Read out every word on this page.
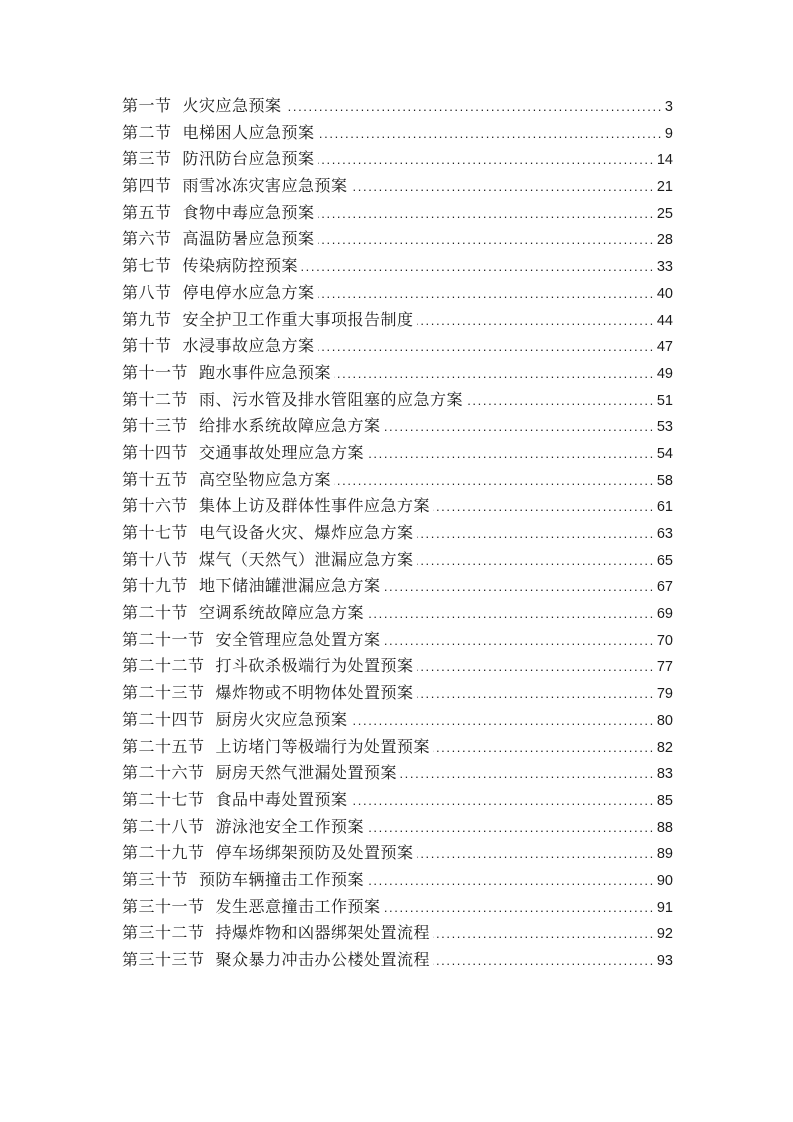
第一节 火灾应急预案 .....	3
第二节 电梯困人应急预案 .....	9
第三节 防汛防台应急预案 .....	14
第四节 雨雪冰冻灾害应急预案 .....	21
第五节 食物中毒应急预案 .....	25
第六节 高温防暑应急预案 .....	28
第七节 传染病防控预案 .....	33
第八节 停电停水应急方案 .....	40
第九节 安全护卫工作重大事项报告制度 .....	44
第十节 水浸事故应急方案 .....	47
第十一节 跑水事件应急预案 .....	49
第十二节 雨、污水管及排水管阻塞的应急方案 .....	51
第十三节 给排水系统故障应急方案 .....	53
第十四节 交通事故处理应急方案 .....	54
第十五节 高空坠物应急方案 .....	58
第十六节 集体上访及群体性事件应急方案 .....	61
第十七节 电气设备火灾、爆炸应急方案 .....	63
第十八节 煤气（天然气）泄漏应急方案 .....	65
第十九节 地下储油罐泄漏应急方案 .....	67
第二十节 空调系统故障应急方案 .....	69
第二十一节 安全管理应急处置方案 .....	70
第二十二节 打斗砍杀极端行为处置预案 .....	77
第二十三节 爆炸物或不明物体处置预案 .....	79
第二十四节 厨房火灾应急预案 .....	80
第二十五节 上访堵门等极端行为处置预案 .....	82
第二十六节 厨房天然气泄漏处置预案 .....	83
第二十七节 食品中毒处置预案 .....	85
第二十八节 游泳池安全工作预案 .....	88
第二十九节 停车场绑架预防及处置预案 .....	89
第三十节 预防车辆撞击工作预案 .....	90
第三十一节 发生恶意撞击工作预案 .....	91
第三十二节 持爆炸物和凶器绑架处置流程 .....	92
第三十三节 聚众暴力冲击办公楼处置流程 .....	93
